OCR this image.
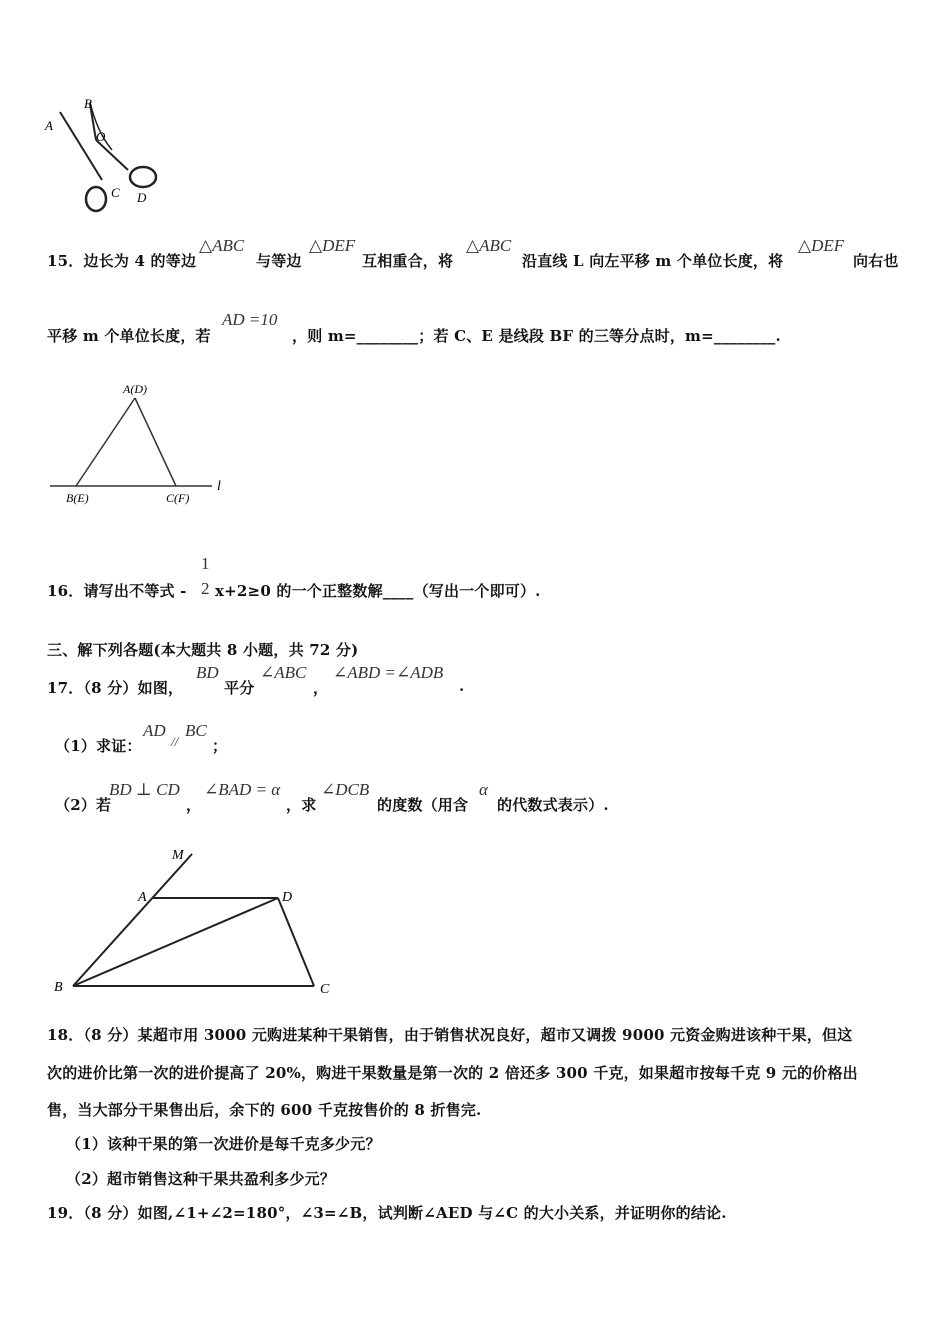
A
B
O
C D
15．边长为 4 的等边
△ABC
与等边
△DEF
互相重合，将
△ABC
沿直线 L 向左平移 m 个单位长度，将
△DEF
向右也
平移 m 个单位长度，若
AD =10
，则 m=________；若 C、E 是线段 BF 的三等分点时，m=________.
A(D)
B(E)	C(F)
l
16．请写出不等式 -
1
2 x+2≥0 的一个正整数解____（写出一个即可）.
三、解下列各题(本大题共 8 小题，共 72 分)
17．（8 分）如图，
BD
平分
∠ABC
，
∠ABD =∠ADB
.
（1）求证：
AD
//
BC
；
（2）若
BD ⊥ CD
，
∠BAD = α
，求
∠DCB
的度数（用含
α
的代数式表示）.
M
A	D
B	C
18．（8 分）某超市用 3000 元购进某种干果销售，由于销售状况良好，超市又调拨 9000 元资金购进该种干果，但这
次的进价比第一次的进价提高了 20%，购进干果数量是第一次的 2 倍还多 300 千克，如果超市按每千克 9 元的价格出
售，当大部分干果售出后，余下的 600 千克按售价的 8 折售完.
（1）该种干果的第一次进价是每千克多少元？
（2）超市销售这种干果共盈利多少元？
19．（8 分）如图,∠1+∠2=180°，∠3=∠B，试判断∠AED 与∠C 的大小关系，并证明你的结论.
